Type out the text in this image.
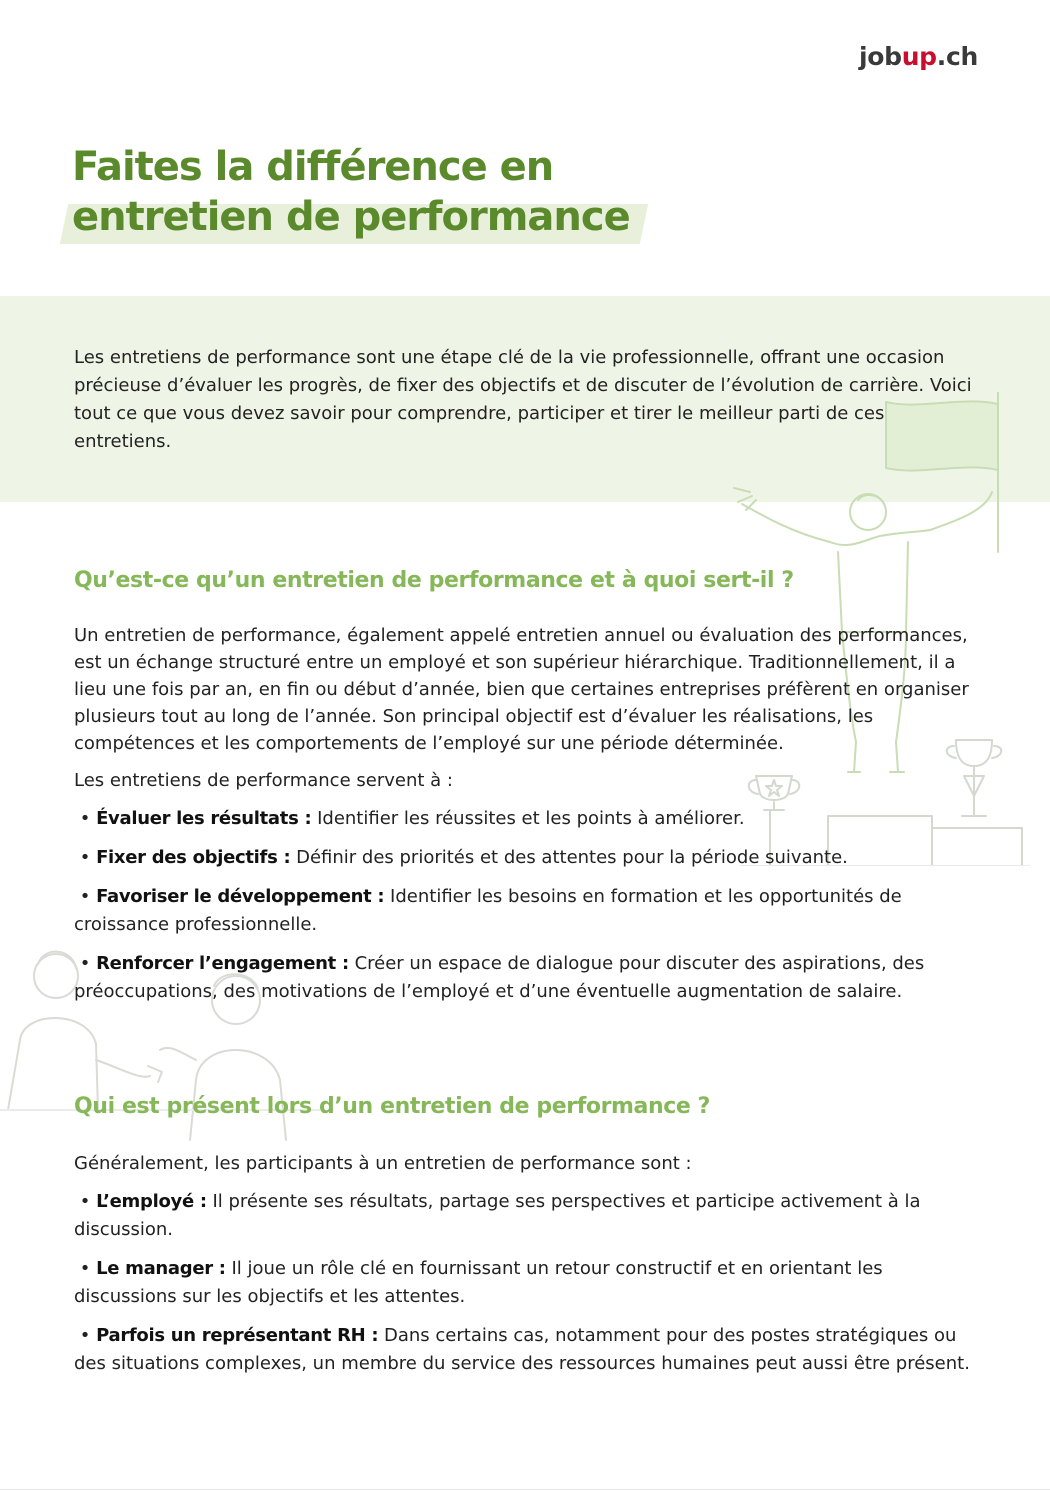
jobup.ch
Faites la différence en
entretien de performance

Les entretiens de performance sont une étape clé de la vie professionnelle, offrant une occasion précieuse d’évaluer les progrès, de fixer des objectifs et de discuter de l’évolution de carrière. Voici tout ce que vous devez savoir pour comprendre, participer et tirer le meilleur parti de ces entretiens.

Qu’est-ce qu’un entretien de performance et à quoi sert-il ?

Un entretien de performance, également appelé entretien annuel ou évaluation des performances, est un échange structuré entre un employé et son supérieur hiérarchique. Traditionnellement, il a lieu une fois par an, en fin ou début d’année, bien que certaines entreprises préfèrent en organiser plusieurs tout au long de l’année. Son principal objectif est d’évaluer les réalisations, les compétences et les comportements de l’employé sur une période déterminée.

Les entretiens de performance servent à :

• Évaluer les résultats : Identifier les réussites et les points à améliorer.

• Fixer des objectifs : Définir des priorités et des attentes pour la période suivante.

• Favoriser le développement : Identifier les besoins en formation et les opportunités de croissance professionnelle.

• Renforcer l’engagement : Créer un espace de dialogue pour discuter des aspirations, des préoccupations, des motivations de l’employé et d’une éventuelle augmentation de salaire.

Qui est présent lors d’un entretien de performance ?

Généralement, les participants à un entretien de performance sont :

• L’employé : Il présente ses résultats, partage ses perspectives et participe activement à la discussion.

• Le manager : Il joue un rôle clé en fournissant un retour constructif et en orientant les discussions sur les objectifs et les attentes.

• Parfois un représentant RH : Dans certains cas, notamment pour des postes stratégiques ou des situations complexes, un membre du service des ressources humaines peut aussi être présent.
